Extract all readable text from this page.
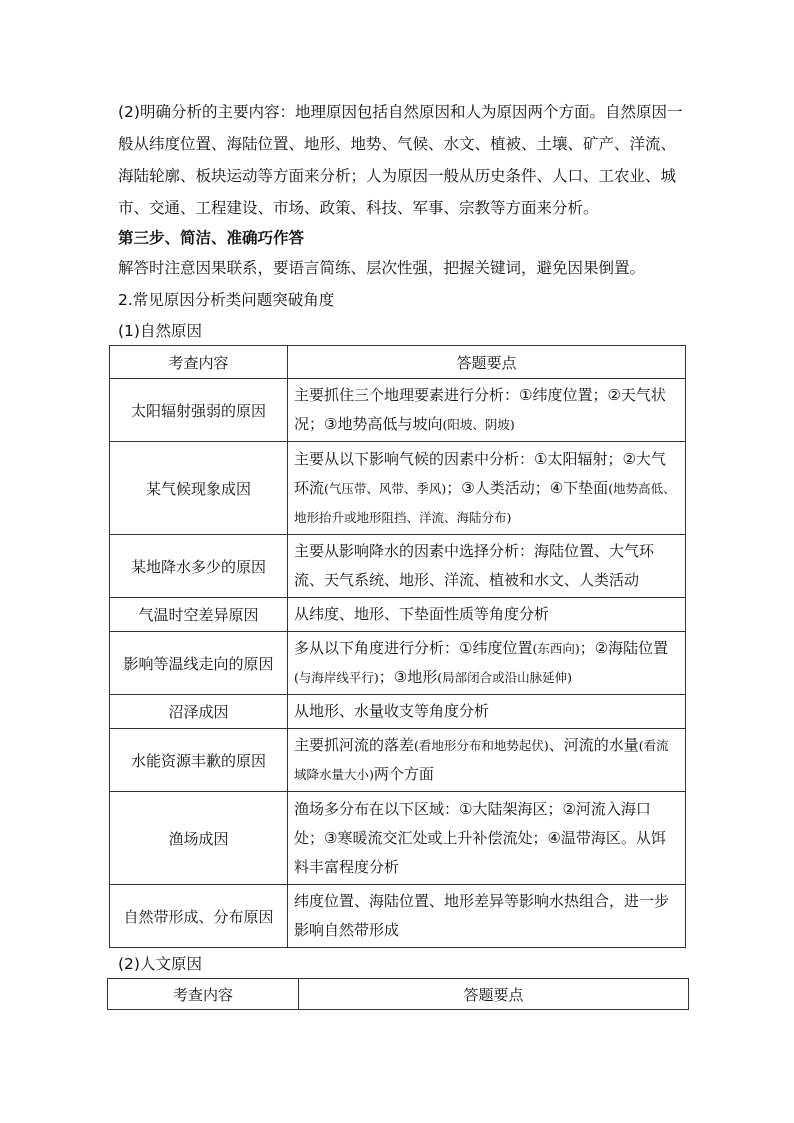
(2)明确分析的主要内容：地理原因包括自然原因和人为原因两个方面。自然原因一般从纬度位置、海陆位置、地形、地势、气候、水文、植被、土壤、矿产、洋流、海陆轮廓、板块运动等方面来分析；人为原因一般从历史条件、人口、工农业、城市、交通、工程建设、市场、政策、科技、军事、宗教等方面来分析。

第三步、简洁、准确巧作答

解答时注意因果联系，要语言简练、层次性强，把握关键词，避免因果倒置。

2.常见原因分析类问题突破角度

(1)自然原因

考查内容	答题要点
太阳辐射强弱的原因	主要抓住三个地理要素进行分析：①纬度位置；②天气状况；③地势高低与坡向(阳坡、阴坡)
某气候现象成因	主要从以下影响气候的因素中分析：①太阳辐射；②大气环流(气压带、风带、季风)；③人类活动；④下垫面(地势高低、地形抬升或地形阻挡、洋流、海陆分布)
某地降水多少的原因	主要从影响降水的因素中选择分析：海陆位置、大气环流、天气系统、地形、洋流、植被和水文、人类活动
气温时空差异原因	从纬度、地形、下垫面性质等角度分析
影响等温线走向的原因	多从以下角度进行分析：①纬度位置(东西向)；②海陆位置(与海岸线平行)；③地形(局部闭合或沿山脉延伸)
沼泽成因	从地形、水量收支等角度分析
水能资源丰歉的原因	主要抓河流的落差(看地形分布和地势起伏)、河流的水量(看流域降水量大小)两个方面
渔场成因	渔场多分布在以下区域：①大陆架海区；②河流入海口处；③寒暖流交汇处或上升补偿流处；④温带海区。从饵料丰富程度分析
自然带形成、分布原因	纬度位置、海陆位置、地形差异等影响水热组合，进一步影响自然带形成

(2)人文原因

考查内容	答题要点
